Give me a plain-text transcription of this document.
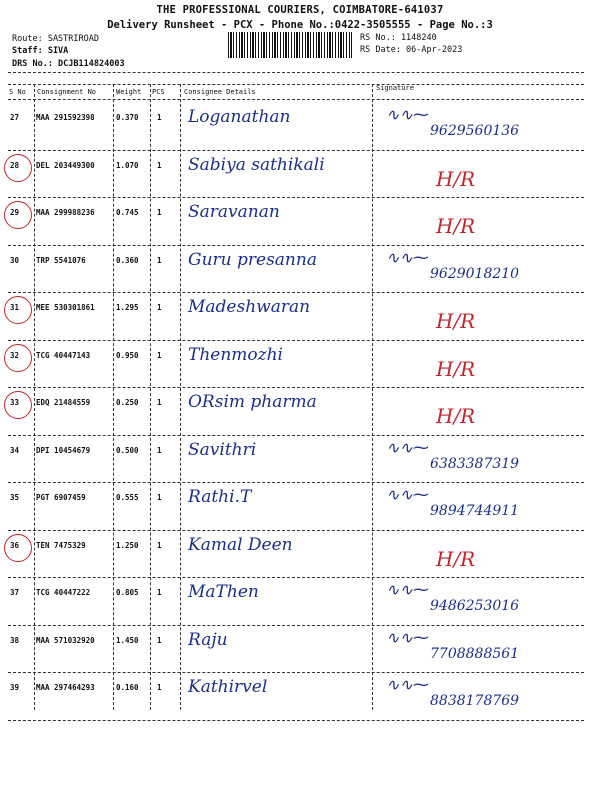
THE PROFESSIONAL COURIERS, COIMBATORE-641037
Delivery Runsheet - PCX - Phone No.:0422-3505555 - Page No.:3
Route: SASTRIROAD
Staff: SIVA
DRS No.: DCJB114824003
RS No.: 1148240
RS Date: 06-Apr-2023
S No Consignment No	Weight PCS	Consignee Details	Signature
27 MAA 291592398	0.370 1 Loganathan	∿∿⁓
9629560136
28 DEL 203449300	1.070 1 Sabiya sathikali
H/R
29 MAA 299988236	0.745 1 Saravanan
H/R
30 TRP 5541076	0.360 1 Guru presanna	∿∿⁓
9629018210
31 MEE 530301861	1.295 1 Madeshwaran
H/R
32 TCG 40447143	0.950 1 Thenmozhi
H/R
33 EDQ 21484559	0.250 1 ORsim pharma
H/R
34 DPI 10454679	0.500 1 Savithri	∿∿⁓
6383387319
35 PGT 6907459	0.555 1 Rathi.T	∿∿⁓
9894744911
36 TEN 7475329	1.250 1 Kamal Deen
H/R
37 TCG 40447222	0.805 1 MaThen	∿∿⁓
9486253016
38 MAA 571032920	1.450 1 Raju	∿∿⁓
7708888561
39 MAA 297464293	0.160 1 Kathirvel	∿∿⁓
8838178769
